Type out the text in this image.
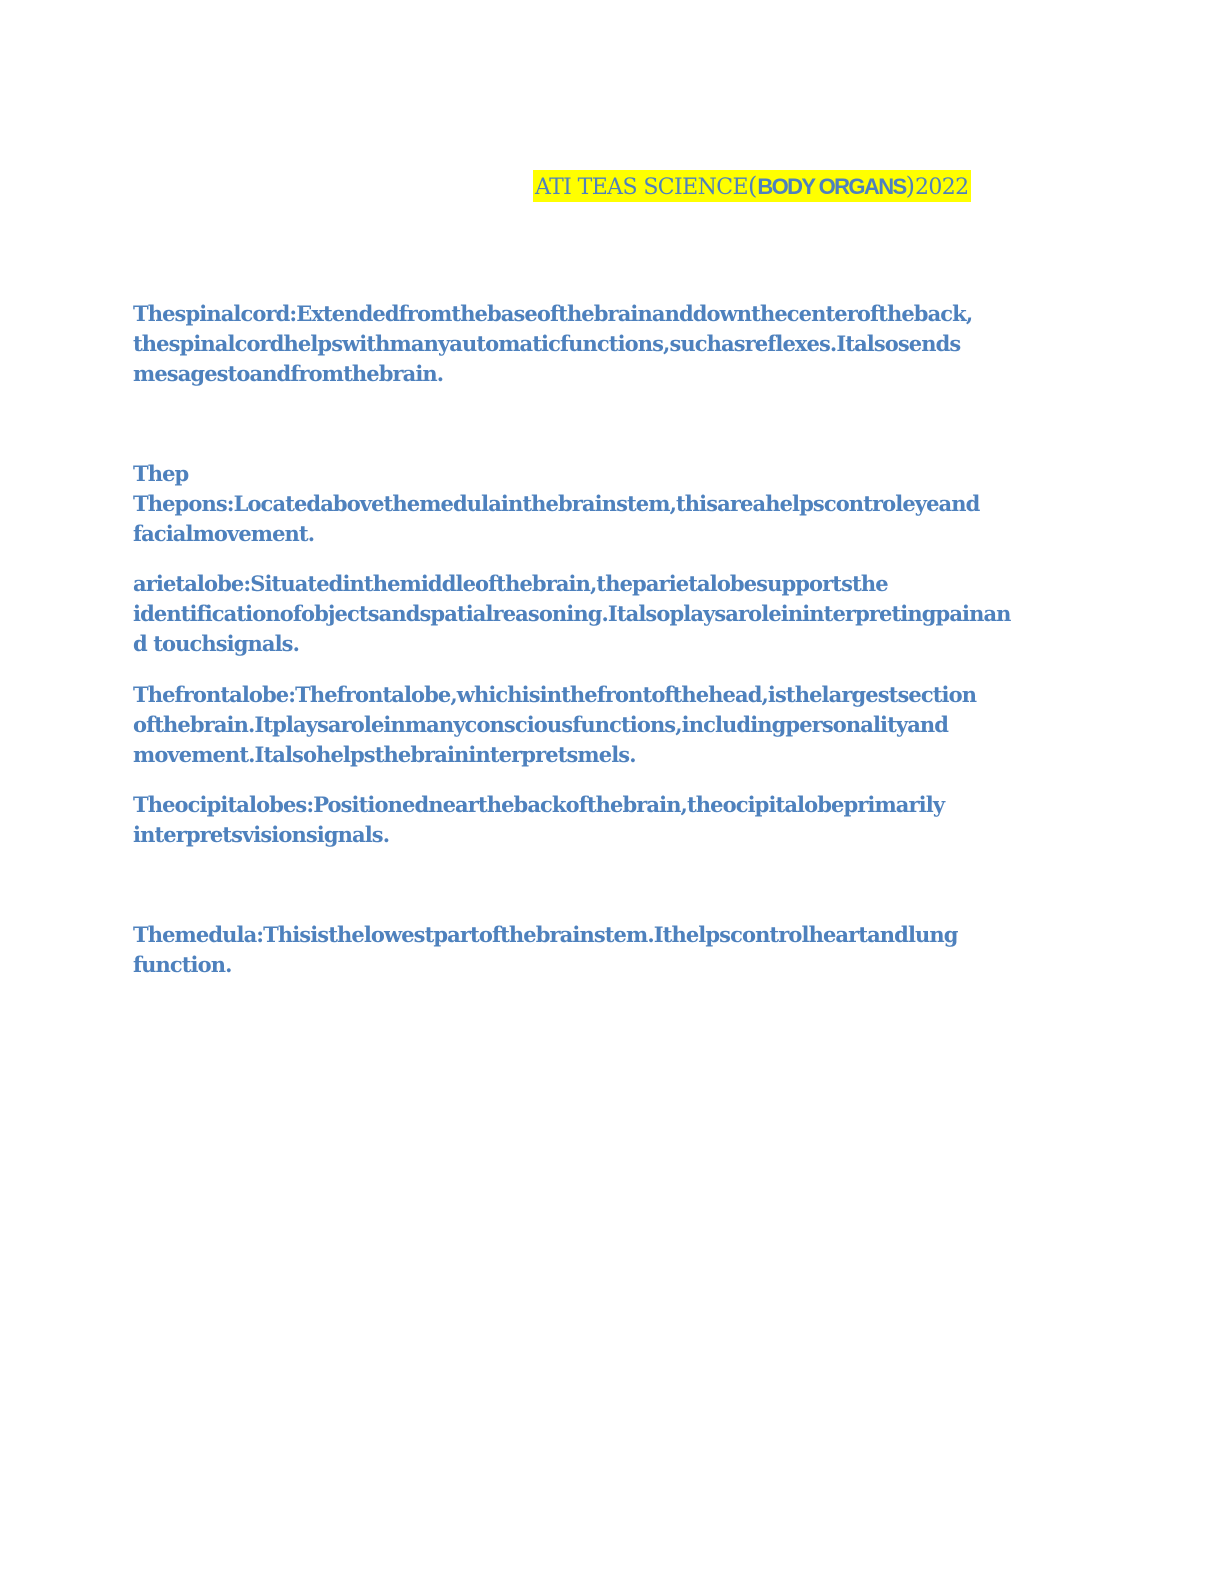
ATI TEAS SCIENCE(BODY ORGANS)2022

Thespinalcord:Extendedfromthebaseofthebrainanddownthecenteroftheback,
thespinalcordhelpswithmanyautomaticfunctions,suchasreflexes.Italsosends
mesagestoandfromthebrain.

Thep
Thepons:Locatedabovethemedulainthebrainstem,thisareahelpscontroleyeand
facialmovement.

arietalobe:Situatedinthemiddleofthebrain,theparietalobesupportsthe
identificationofobjectsandspatialreasoning.Italsoplaysaroleininterpretingpainan
d touchsignals.

Thefrontalobe:Thefrontalobe,whichisinthefrontofthehead,isthelargestsection
ofthebrain.Itplaysaroleinmanyconsciousfunctions,includingpersonalityand
movement.Italsohelpsthebraininterpretsmels.

Theocipitalobes:Positionednearthebackofthebrain,theocipitalobeprimarily
interpretsvisionsignals.

Themedula:Thisisthelowestpartofthebrainstem.Ithelpscontrolheartandlung
function.
